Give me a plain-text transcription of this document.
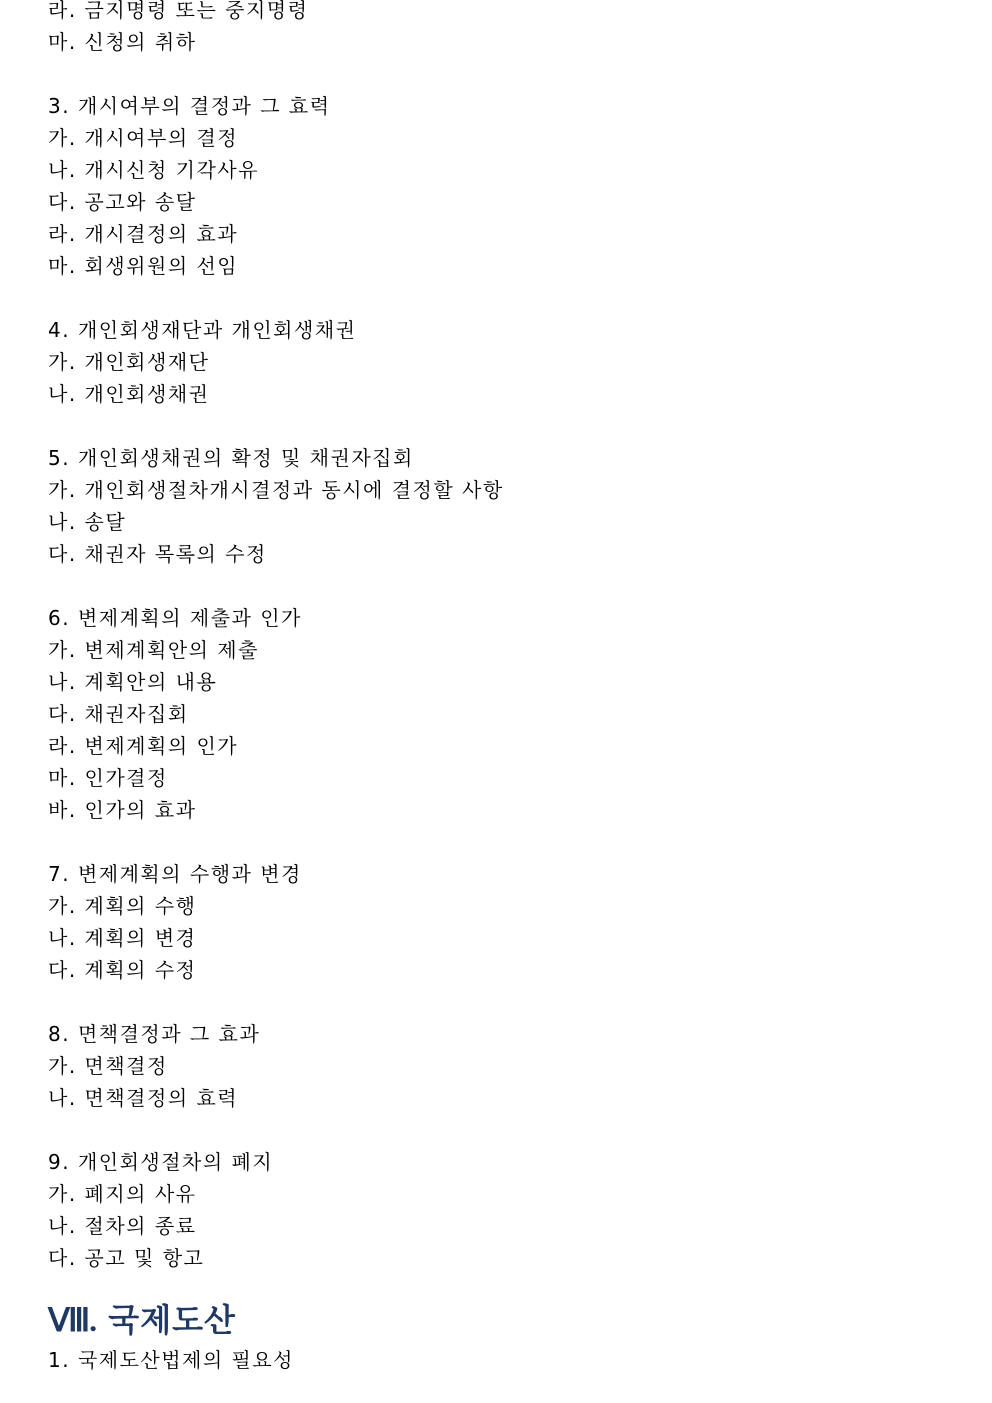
라. 금지명령 또는 중지명령
마. 신청의 취하
3. 개시여부의 결정과 그 효력
가. 개시여부의 결정
나. 개시신청 기각사유
다. 공고와 송달
라. 개시결정의 효과
마. 회생위원의 선임
4. 개인회생재단과 개인회생채권
가. 개인회생재단
나. 개인회생채권
5. 개인회생채권의 확정 및 채권자집회
가. 개인회생절차개시결정과 동시에 결정할 사항
나. 송달
다. 채권자 목록의 수정
6. 변제계획의 제출과 인가
가. 변제계획안의 제출
나. 계획안의 내용
다. 채권자집회
라. 변제계획의 인가
마. 인가결정
바. 인가의 효과
7. 변제계획의 수행과 변경
가. 계획의 수행
나. 계획의 변경
다. 계획의 수정
8. 면책결정과 그 효과
가. 면책결정
나. 면책결정의 효력
9. 개인회생절차의 폐지
가. 폐지의 사유
나. 절차의 종료
다. 공고 및 항고
Ⅷ. 국제도산
1. 국제도산법제의 필요성
